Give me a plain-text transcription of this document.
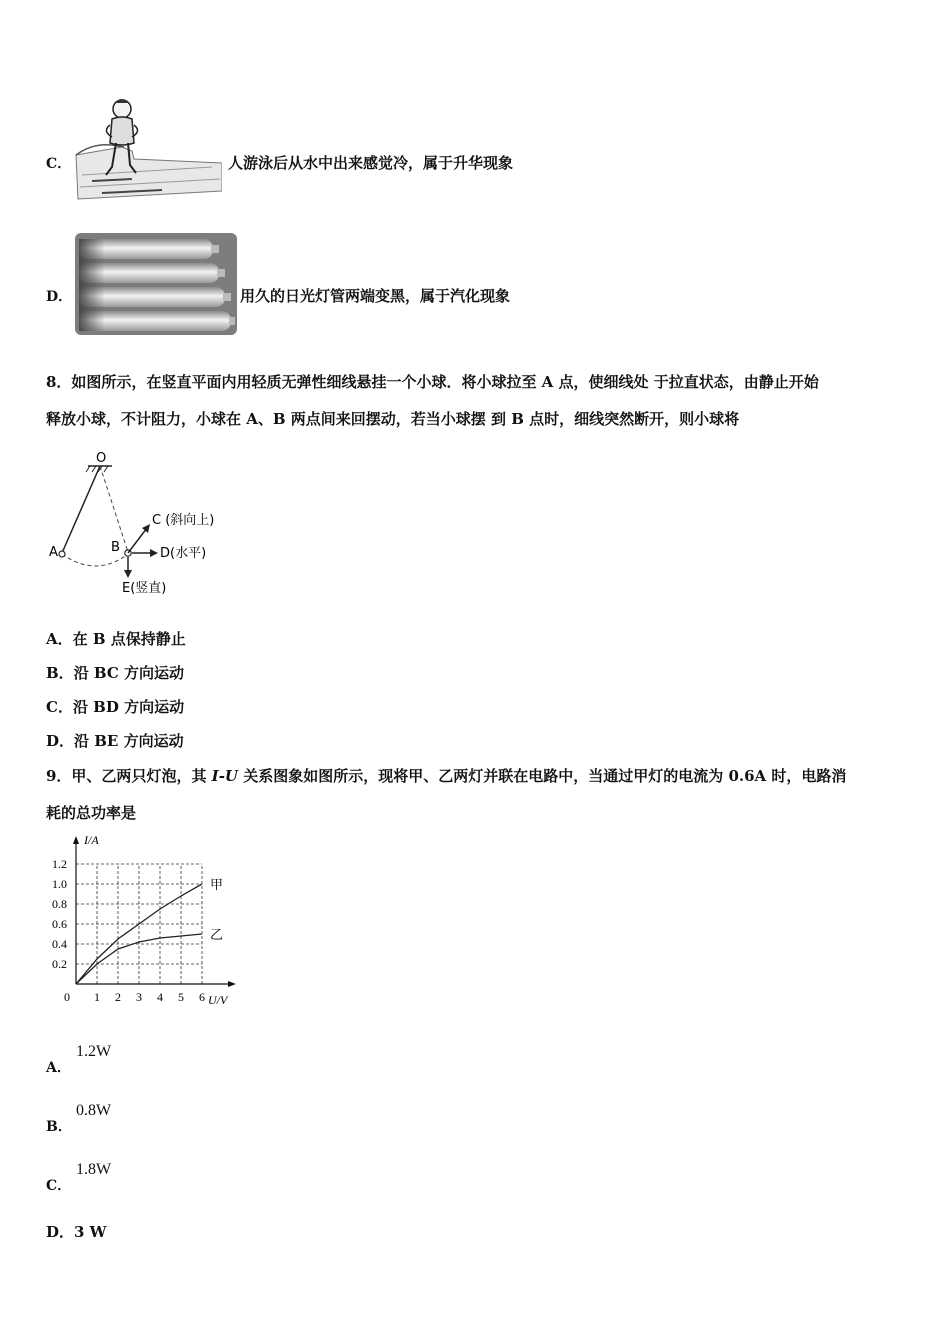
C．	人游泳后从水中出来感觉冷，属于升华现象
D．	用久的日光灯管两端变黑，属于汽化现象
8．如图所示，在竖直平面内用轻质无弹性细线悬挂一个小球．将小球拉至 A 点，使细线处 于拉直状态，由静止开始
释放小球，不计阻力，小球在 A、B 两点间来回摆动，若当小球摆 到 B 点时，细线突然断开，则小球将
O
A	B
C (斜向上)
D(水平)
E(竖直)
A．在 B 点保持静止
B．沿 BC 方向运动
C．沿 BD 方向运动
D．沿 BE 方向运动
9．甲、乙两只灯泡，其 I-U 关系图象如图所示，现将甲、乙两灯并联在电路中，当通过甲灯的电流为 0.6A 时，电路消
耗的总功率是
1 2 3 4 5 6
0.2
0.4
0.6
0.8
1.0
1.2
0	U/V
I/A
甲
乙
A．
1.2W
B．
0.8W
C．
1.8W
D．3 W
